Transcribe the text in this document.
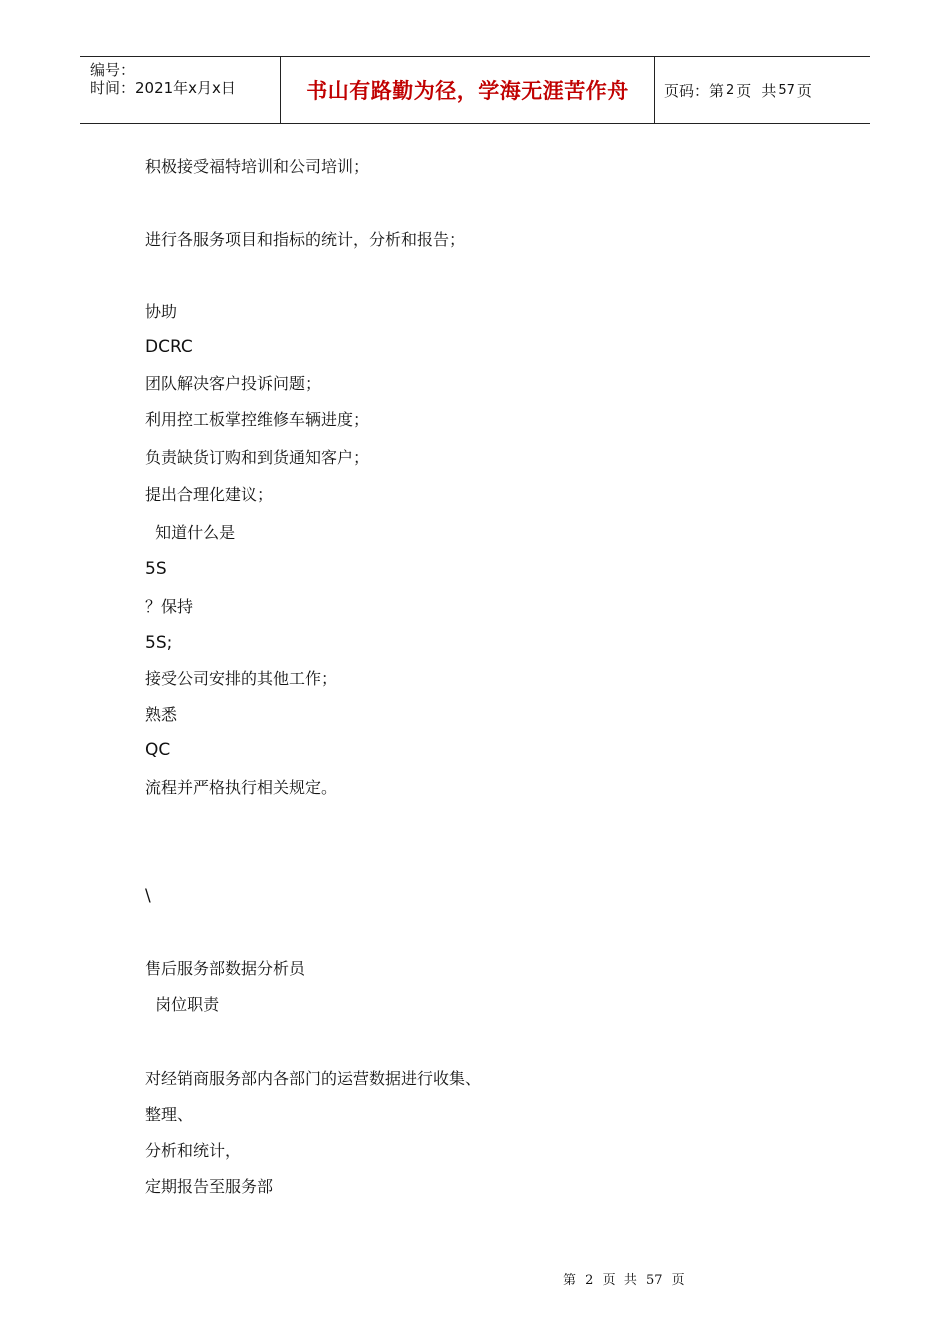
编号：
时间：2021年x月x日	书山有路勤为径，学海无涯苦作舟 页码：第 2 页 共 57 页
积极接受福特培训和公司培训；
进行各服务项目和指标的统计，分析和报告；
协助
DCRC
团队解决客户投诉问题；
利用控工板掌控维修车辆进度；
负责缺货订购和到货通知客户；
提出合理化建议；
知道什么是
5S
？保持
5S;
接受公司安排的其他工作；
熟悉
QC
流程并严格执行相关规定。
\
售后服务部数据分析员
岗位职责
对经销商服务部内各部门的运营数据进行收集、
整理、
分析和统计，
定期报告至服务部
第 2 页  共 57 页
